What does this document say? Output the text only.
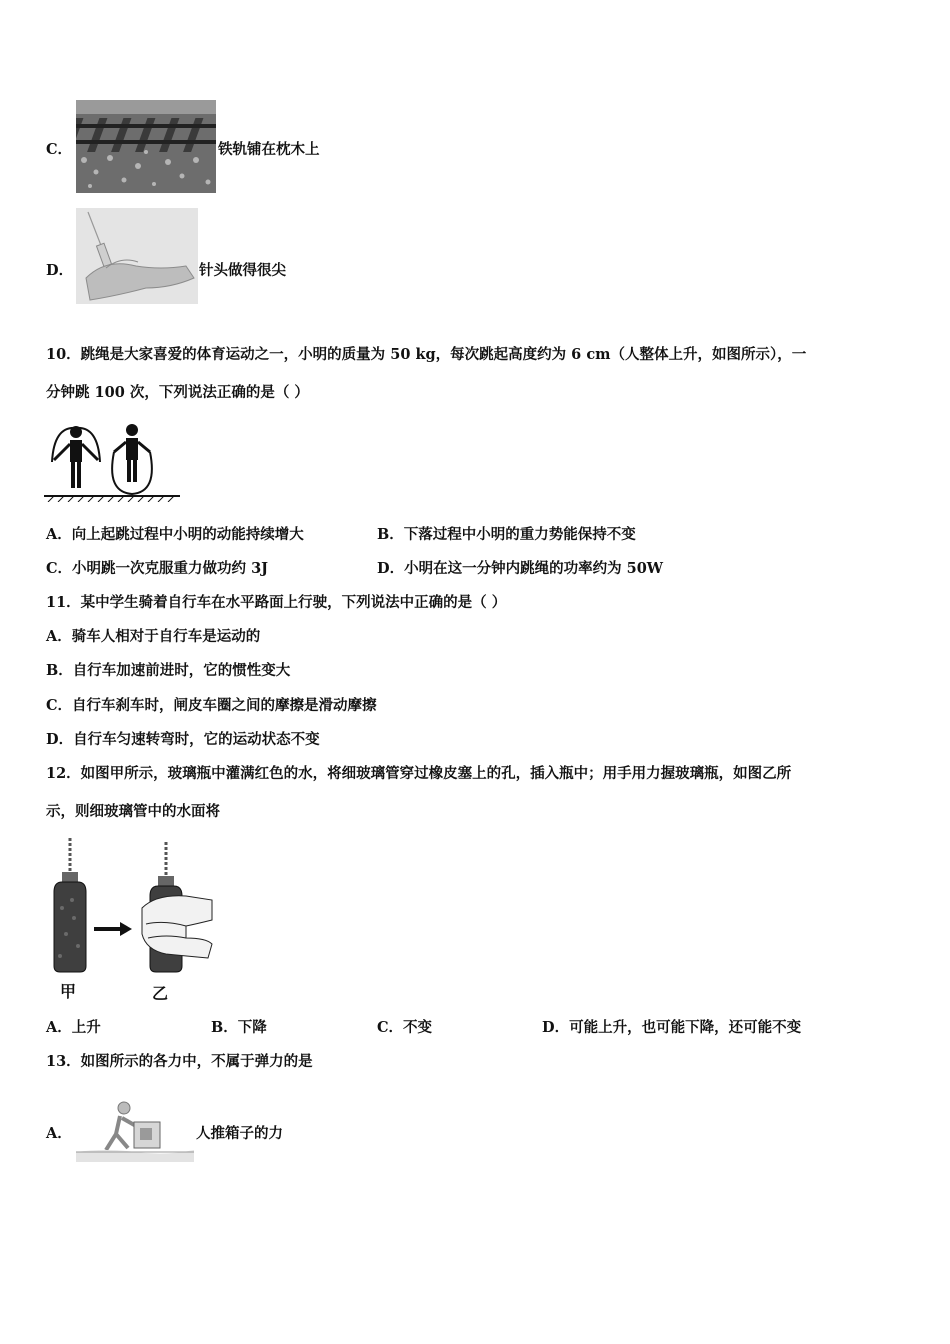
C．	铁轨铺在枕木上
D．	针头做得很尖
10．跳绳是大家喜爱的体育运动之一，小明的质量为 50 kg，每次跳起高度约为 6 cm（人整体上升，如图所示），一
分钟跳 100 次，下列说法正确的是（ ）
A．向上起跳过程中小明的动能持续增大	B．下落过程中小明的重力势能保持不变
C．小明跳一次克服重力做功约 3J	D．小明在这一分钟内跳绳的功率约为 50W
11．某中学生骑着自行车在水平路面上行驶，下列说法中正确的是（ ）
A．骑车人相对于自行车是运动的
B．自行车加速前进时，它的惯性变大
C．自行车刹车时，闸皮车圈之间的摩擦是滑动摩擦
D．自行车匀速转弯时，它的运动状态不变
12．如图甲所示，玻璃瓶中灌满红色的水，将细玻璃管穿过橡皮塞上的孔，插入瓶中；用手用力握玻璃瓶，如图乙所
示，则细玻璃管中的水面将
甲	乙
A．上升	B．下降	C．不变	D．可能上升，也可能下降，还可能不变
13．如图所示的各力中，不属于弹力的是
A．	人推箱子的力
